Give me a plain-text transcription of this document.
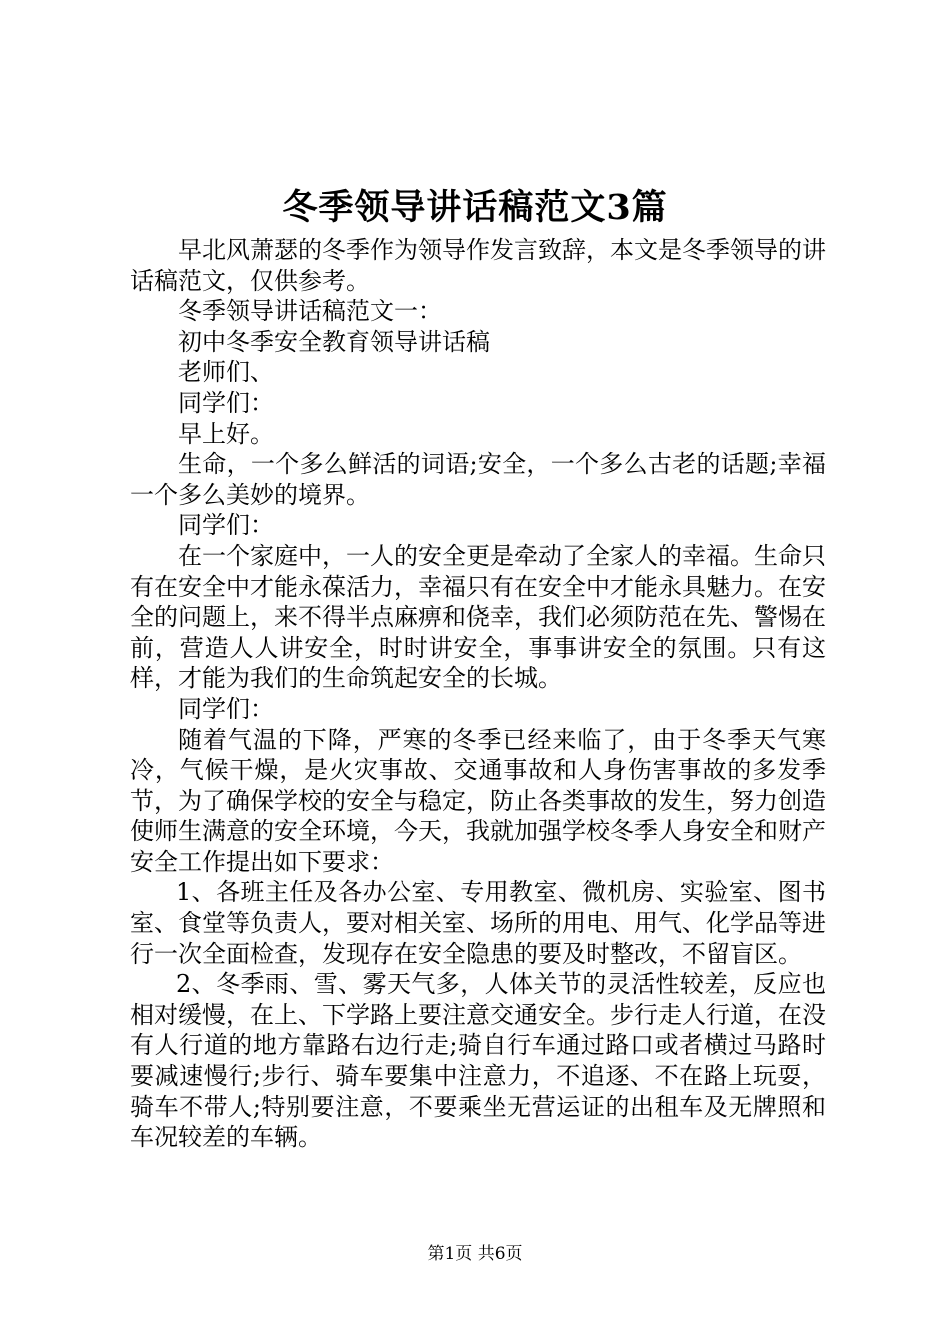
冬季领导讲话稿范文3篇

早北风萧瑟的冬季作为领导作发言致辞，本文是冬季领导的讲话稿范文，仅供参考。

冬季领导讲话稿范文一：

初中冬季安全教育领导讲话稿

老师们、

同学们：

早上好。

生命，一个多么鲜活的词语;安全，一个多么古老的话题;幸福一个多么美妙的境界。

同学们：

在一个家庭中，一人的安全更是牵动了全家人的幸福。生命只有在安全中才能永葆活力，幸福只有在安全中才能永具魅力。在安全的问题上，来不得半点麻痹和侥幸，我们必须防范在先、警惕在前，营造人人讲安全，时时讲安全，事事讲安全的氛围。只有这样，才能为我们的生命筑起安全的长城。

同学们：

随着气温的下降，严寒的冬季已经来临了，由于冬季天气寒冷，气候干燥，是火灾事故、交通事故和人身伤害事故的多发季节，为了确保学校的安全与稳定，防止各类事故的发生，努力创造使师生满意的安全环境，今天，我就加强学校冬季人身安全和财产安全工作提出如下要求：

1、各班主任及各办公室、专用教室、微机房、实验室、图书室、食堂等负责人，要对相关室、场所的用电、用气、化学品等进行一次全面检查，发现存在安全隐患的要及时整改，不留盲区。

2、冬季雨、雪、雾天气多，人体关节的灵活性较差，反应也相对缓慢，在上、下学路上要注意交通安全。步行走人行道，在没有人行道的地方靠路右边行走;骑自行车通过路口或者横过马路时要减速慢行;步行、骑车要集中注意力，不追逐、不在路上玩耍，骑车不带人;特别要注意，不要乘坐无营运证的出租车及无牌照和车况较差的车辆。

第1页 共6页
